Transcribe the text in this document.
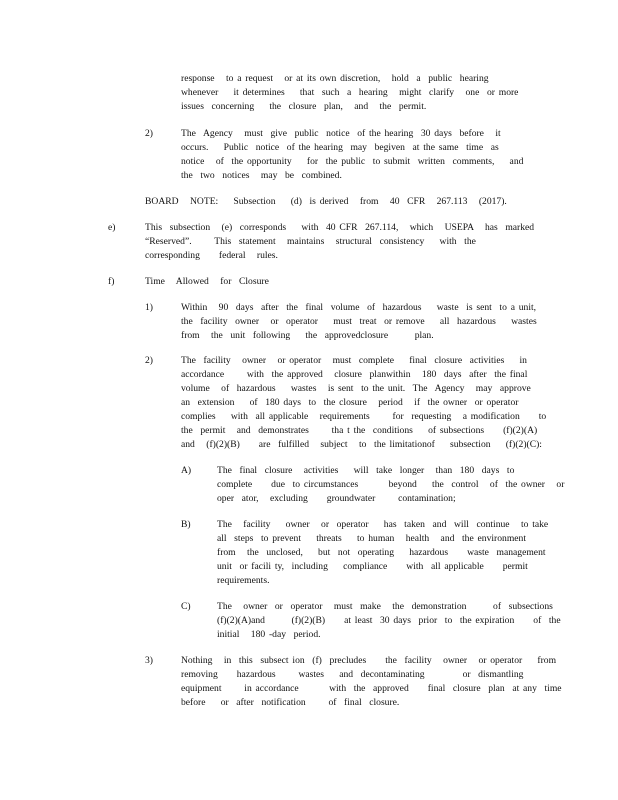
response   to a request   or at its own discretion,   hold  a  public  hearing
whenever    it determines    that  such  a  hearing   might  clarify   one  or more
issues  concerning    the  closure  plan,   and   the  permit.
2)	The  Agency   must  give  public  notice  of the hearing  30 days  before   it
occurs.    Public  notice  of the hearing  may  begiven  at the same  time  as
notice   of  the opportunity    for  the public  to submit  written  comments,    and
the  two  notices   may  be  combined.
BOARD   NOTE:    Subsection    (d)  is derived   from   40  CFR   267.113   (2017).
e)	This  subsection   (e)  corresponds    with  40 CFR  267.114,   which   USEPA   has  marked
“Reserved”.      This  statement   maintains   structural  consistency    with  the
corresponding     federal   rules.
f)	Time   Allowed   for  Closure
1)	Within   90  days  after  the  final  volume  of  hazardous    waste  is sent  to a unit,
the  facility  owner   or  operator    must  treat  or remove    all  hazardous    wastes
from   the  unit  following    the  approvedclosure       plan.
2)	The  facility   owner   or operator   must  complete    final  closure  activities    in
accordance      with  the approved   closure  planwithin   180  days  after  the final
volume   of  hazardous    wastes   is sent  to the unit.  The  Agency   may  approve
an  extension    of  180 days  to  the closure   period   if  the owner  or operator
complies    with  all applicable   requirements      for  requesting   a modification     to
the  permit   and  demonstrates      tha t the  conditions    of subsections     (f)(2)(A)
and   (f)(2)(B)     are  fulfilled   subject   to  the limitationof    subsection    (f)(2)(C):
A)	The  final  closure   activities    will  take  longer   than  180  days  to
complete     due  to circumstances        beyond    the  control   of  the owner   or
oper  ator,   excluding     groundwater      contamination;
B)	The   facility    owner   or  operator    has  taken  and  will  continue   to take
all  steps  to prevent    threats    to human   health   and  the environment
from   the  unclosed,    but  not  operating    hazardous     waste  management
unit  or facili ty,  including    compliance     with  all applicable     permit
requirements.
C)	The   owner  or  operator   must  make   the  demonstration       of  subsections
(f)(2)(A)and       (f)(2)(B)     at least  30 days  prior  to  the expiration     of  the
initial   180 -day  period.
3)	Nothing   in  this  subsect ion  (f)  precludes     the  facility   owner   or operator    from
removing     hazardous      wastes    and  decontaminating          or  dismantling
equipment      in accordance        with  the  approved     final  closure  plan  at any  time
before    or  after  notification      of  final  closure.
